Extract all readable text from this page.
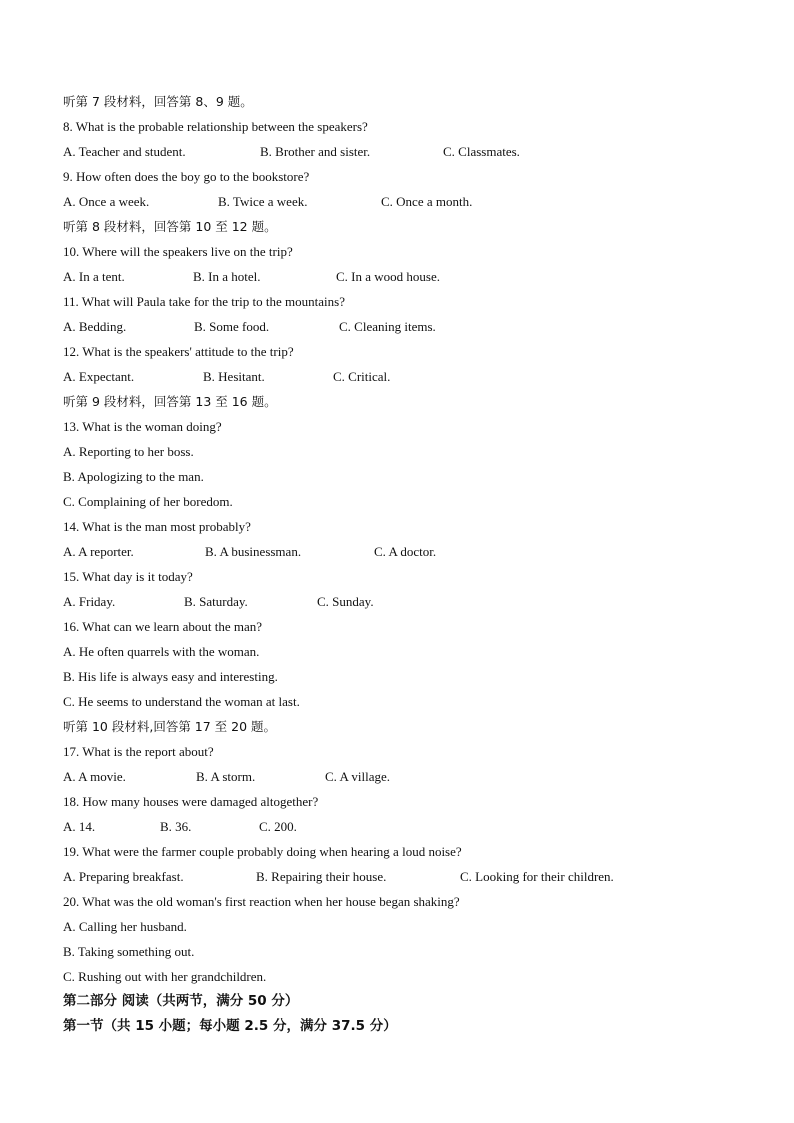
听第 7 段材料，回答第 8、9 题。
8. What is the probable relationship between the speakers?
A. Teacher and student.	B. Brother and sister.	C. Classmates.
9. How often does the boy go to the bookstore?
A. Once a week.	B. Twice a week.	C. Once a month.
听第 8 段材料，回答第 10 至 12 题。
10. Where will the speakers live on the trip?
A. In a tent.	B. In a hotel.	C. In a wood house.
11. What will Paula take for the trip to the mountains?
A. Bedding.	B. Some food.	C. Cleaning items.
12. What is the speakers' attitude to the trip?
A. Expectant.	B. Hesitant.	C. Critical.
听第 9 段材料，回答第 13 至 16 题。
13. What is the woman doing?
A. Reporting to her boss.
B. Apologizing to the man.
C. Complaining of her boredom.
14. What is the man most probably?
A. A reporter.	B. A businessman.	C. A doctor.
15. What day is it today?
A. Friday.	B. Saturday.	C. Sunday.
16. What can we learn about the man?
A. He often quarrels with the woman.
B. His life is always easy and interesting.
C. He seems to understand the woman at last.
听第 10 段材料,回答第 17 至 20 题。
17. What is the report about?
A. A movie.	B. A storm.	C. A village.
18. How many houses were damaged altogether?
A. 14.	B. 36.	C. 200.
19. What were the farmer couple probably doing when hearing a loud noise?
A. Preparing breakfast.	B. Repairing their house.	C. Looking for their children.
20. What was the old woman's first reaction when her house began shaking?
A. Calling her husband.
B. Taking something out.
C. Rushing out with her grandchildren.
第二部分 阅读（共两节，满分 50 分）
第一节（共 15 小题；每小题 2.5 分，满分 37.5 分）
